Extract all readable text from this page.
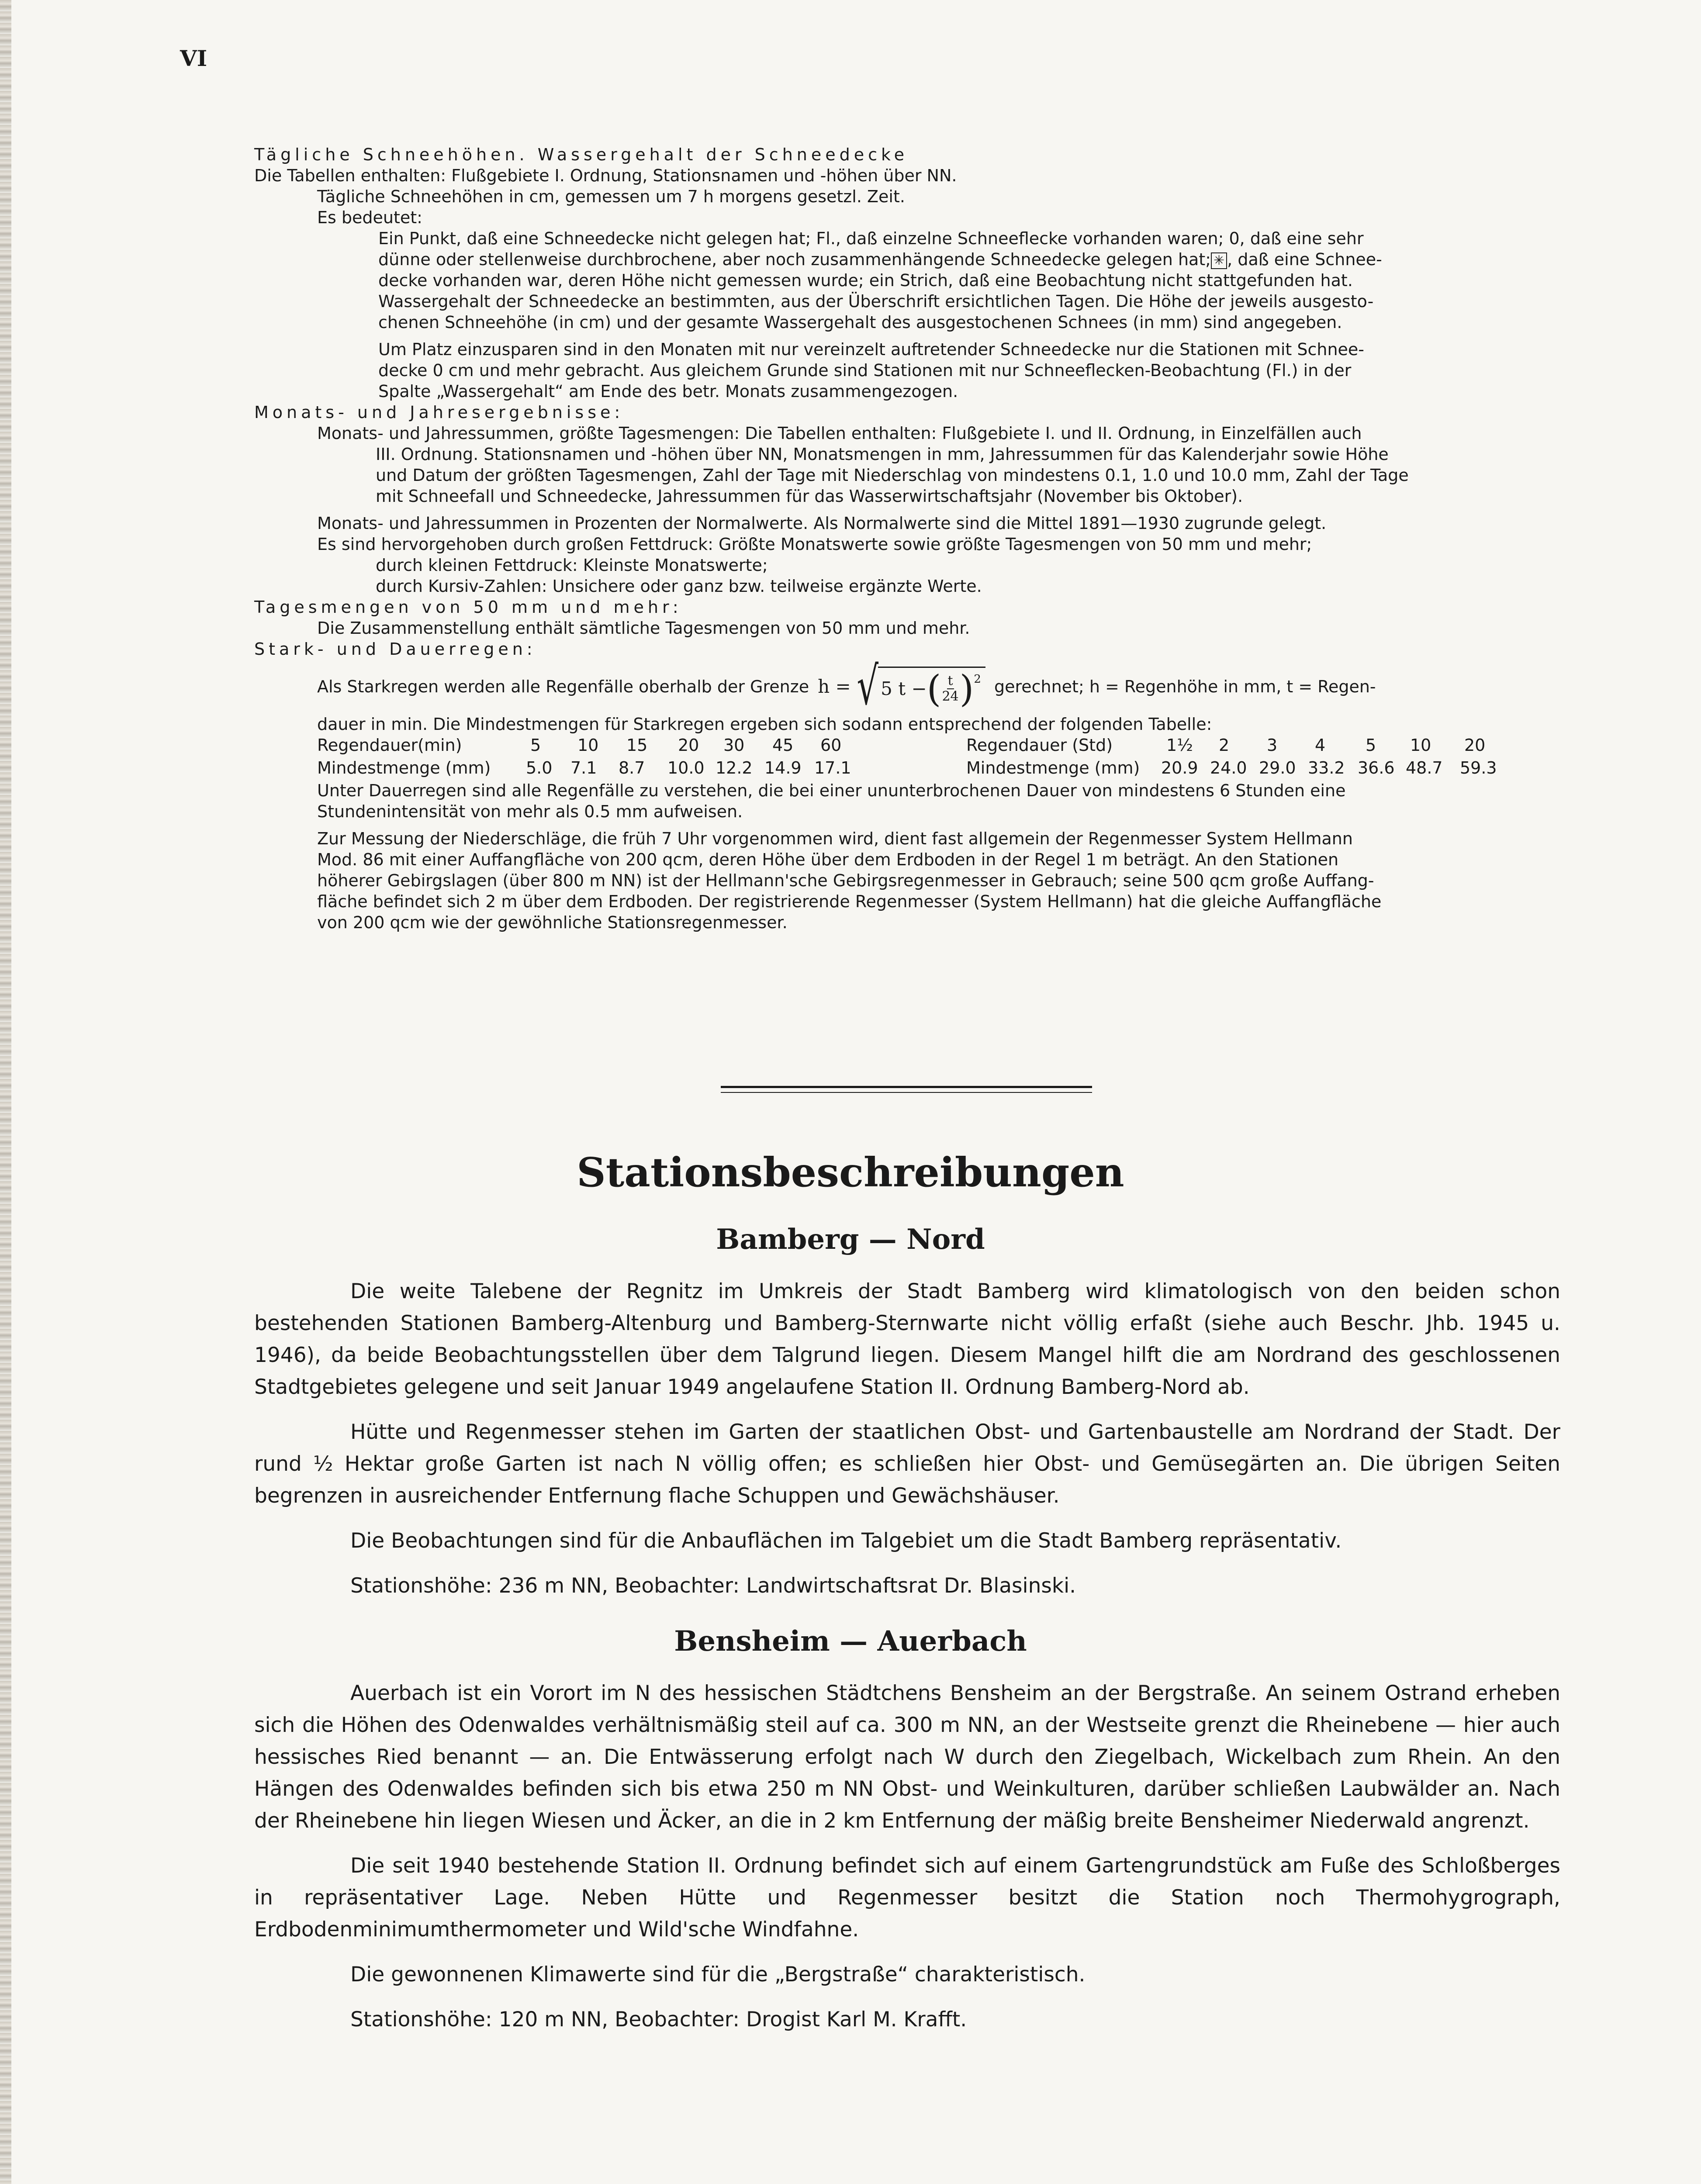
VI
Tägliche Schneehöhen. Wassergehalt der Schneedecke
Die Tabellen enthalten: Flußgebiete I. Ordnung, Stationsnamen und -höhen über NN.
Tägliche Schneehöhen in cm, gemessen um 7 h morgens gesetzl. Zeit.
Es bedeutet:
Ein Punkt, daß eine Schneedecke nicht gelegen hat; Fl., daß einzelne Schneeflecke vorhanden waren; 0, daß eine sehr
dünne oder stellenweise durchbrochene, aber noch zusammenhängende Schneedecke gelegen hat; ✳ , daß eine Schnee-
decke vorhanden war, deren Höhe nicht gemessen wurde; ein Strich, daß eine Beobachtung nicht stattgefunden hat.
Wassergehalt der Schneedecke an bestimmten, aus der Überschrift ersichtlichen Tagen. Die Höhe der jeweils ausgesto-
chenen Schneehöhe (in cm) und der gesamte Wassergehalt des ausgestochenen Schnees (in mm) sind angegeben.
Um Platz einzusparen sind in den Monaten mit nur vereinzelt auftretender Schneedecke nur die Stationen mit Schnee-
decke 0 cm und mehr gebracht. Aus gleichem Grunde sind Stationen mit nur Schneeflecken-Beobachtung (Fl.) in der
Spalte „Wassergehalt“ am Ende des betr. Monats zusammengezogen.
Monats- und Jahresergebnisse:
Monats- und Jahressummen, größte Tagesmengen: Die Tabellen enthalten: Flußgebiete I. und II. Ordnung, in Einzelfällen auch
III. Ordnung. Stationsnamen und -höhen über NN, Monatsmengen in mm, Jahressummen für das Kalenderjahr sowie Höhe
und Datum der größten Tagesmengen, Zahl der Tage mit Niederschlag von mindestens 0.1, 1.0 und 10.0 mm, Zahl der Tage
mit Schneefall und Schneedecke, Jahressummen für das Wasserwirtschaftsjahr (November bis Oktober).
Monats- und Jahressummen in Prozenten der Normalwerte. Als Normalwerte sind die Mittel 1891—1930 zugrunde gelegt.
Es sind hervorgehoben durch großen Fettdruck: Größte Monatswerte sowie größte Tagesmengen von 50 mm und mehr;
durch kleinen Fettdruck: Kleinste Monatswerte;
durch Kursiv-Zahlen: Unsichere oder ganz bzw. teilweise ergänzte Werte.
Tagesmengen von 50 mm und mehr:
Die Zusammenstellung enthält sämtliche Tagesmengen von 50 mm und mehr.
Stark- und Dauerregen:
Als Starkregen werden alle Regenfälle oberhalb der Grenze h = √ 5 t − ( $\frac{t}{24}$ ) 2 gerechnet; h = Regenhöhe in mm, t = Regen-
dauer in min. Die Mindestmengen für Starkregen ergeben sich sodann entsprechend der folgenden Tabelle:
Regendauer(min)	5 10 15 20 30 45 60	Regendauer (Std)	1½ 2 3 4 5 10 20
Mindestmenge (mm) 5.0 7.1 8.7 10.0 12.2 14.9 17.1	Mindestmenge (mm) 20.9 24.0 29.0 33.2 36.6 48.7 59.3
Unter Dauerregen sind alle Regenfälle zu verstehen, die bei einer ununterbrochenen Dauer von mindestens 6 Stunden eine
Stundenintensität von mehr als 0.5 mm aufweisen.
Zur Messung der Niederschläge, die früh 7 Uhr vorgenommen wird, dient fast allgemein der Regenmesser System Hellmann
Mod. 86 mit einer Auffangfläche von 200 qcm, deren Höhe über dem Erdboden in der Regel 1 m beträgt. An den Stationen
höherer Gebirgslagen (über 800 m NN) ist der Hellmann'sche Gebirgsregenmesser in Gebrauch; seine 500 qcm große Auffang-
fläche befindet sich 2 m über dem Erdboden. Der registrierende Regenmesser (System Hellmann) hat die gleiche Auffangfläche
von 200 qcm wie der gewöhnliche Stationsregenmesser.
Stationsbeschreibungen
Bamberg — Nord

Die weite Talebene der Regnitz im Umkreis der Stadt Bamberg wird klimatologisch von den beiden schon bestehenden Stationen Bamberg-Altenburg und Bamberg-Sternwarte nicht völlig erfaßt (siehe auch Beschr. Jhb. 1945 u. 1946), da beide Beobachtungsstellen über dem Talgrund liegen. Diesem Mangel hilft die am Nordrand des geschlossenen Stadtgebietes gelegene und seit Januar 1949 angelaufene Station II. Ordnung Bamberg-Nord ab.

Hütte und Regenmesser stehen im Garten der staatlichen Obst- und Gartenbaustelle am Nordrand der Stadt. Der rund ½ Hektar große Garten ist nach N völlig offen; es schließen hier Obst- und Gemüsegärten an. Die übrigen Seiten begrenzen in ausreichender Entfernung flache Schuppen und Gewächshäuser.

Die Beobachtungen sind für die Anbauflächen im Talgebiet um die Stadt Bamberg repräsentativ.

Stationshöhe: 236 m NN, Beobachter: Landwirtschaftsrat Dr. Blasinski.

Bensheim — Auerbach

Auerbach ist ein Vorort im N des hessischen Städtchens Bensheim an der Bergstraße. An seinem Ostrand erheben sich die Höhen des Odenwaldes verhältnismäßig steil auf ca. 300 m NN, an der Westseite grenzt die Rheinebene — hier auch hessisches Ried benannt — an. Die Entwässerung erfolgt nach W durch den Ziegelbach, Wickelbach zum Rhein. An den Hängen des Odenwaldes befinden sich bis etwa 250 m NN Obst- und Weinkulturen, darüber schließen Laubwälder an. Nach der Rheinebene hin liegen Wiesen und Äcker, an die in 2 km Entfernung der mäßig breite Bensheimer Niederwald angrenzt.

Die seit 1940 bestehende Station II. Ordnung befindet sich auf einem Gartengrundstück am Fuße des Schloßberges in repräsentativer Lage. Neben Hütte und Regenmesser besitzt die Station noch Thermohygrograph, Erdbodenminimumthermometer und Wild'sche Windfahne.

Die gewonnenen Klimawerte sind für die „Bergstraße“ charakteristisch.

Stationshöhe: 120 m NN, Beobachter: Drogist Karl M. Krafft.
